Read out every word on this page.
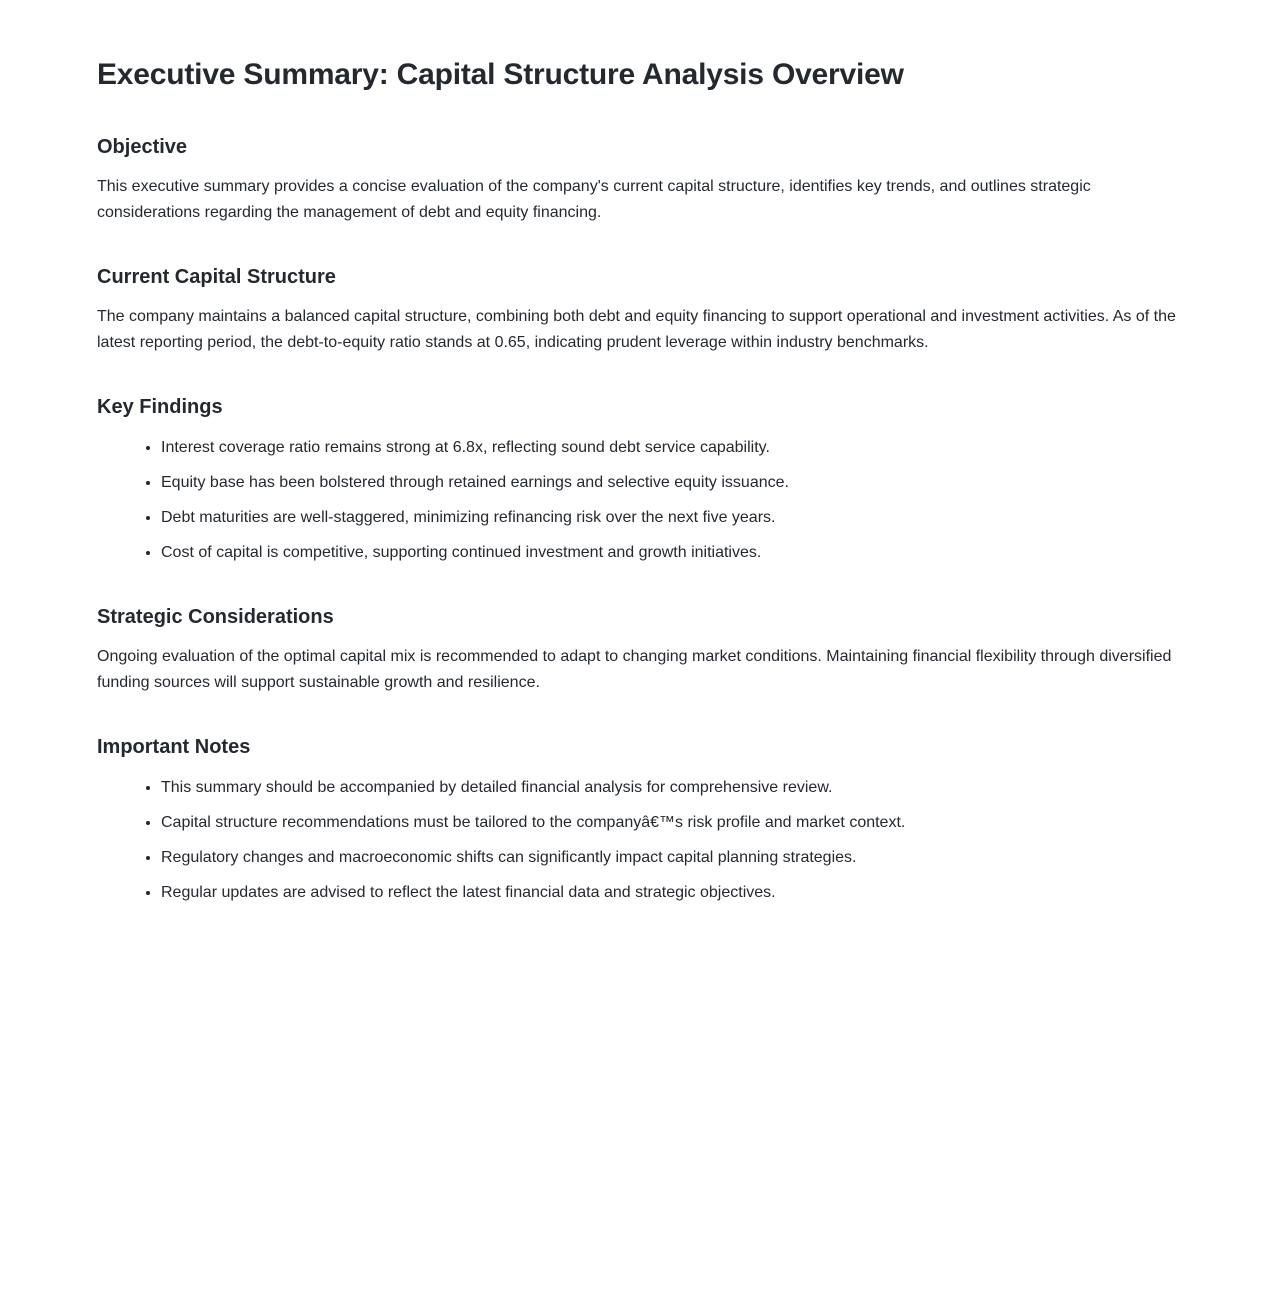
Executive Summary: Capital Structure Analysis Overview
Objective

This executive summary provides a concise evaluation of the company's current capital structure, identifies key trends, and outlines strategic considerations regarding the management of debt and equity financing.

Current Capital Structure

The company maintains a balanced capital structure, combining both debt and equity financing to support operational and investment activities. As of the latest reporting period, the debt-to-equity ratio stands at 0.65, indicating prudent leverage within industry benchmarks.

Key Findings
• Interest coverage ratio remains strong at 6.8x, reflecting sound debt service capability.
• Equity base has been bolstered through retained earnings and selective equity issuance.
• Debt maturities are well-staggered, minimizing refinancing risk over the next five years.
• Cost of capital is competitive, supporting continued investment and growth initiatives.
Strategic Considerations

Ongoing evaluation of the optimal capital mix is recommended to adapt to changing market conditions. Maintaining financial flexibility through diversified funding sources will support sustainable growth and resilience.

Important Notes
• This summary should be accompanied by detailed financial analysis for comprehensive review.
• Capital structure recommendations must be tailored to the companyâ€™s risk profile and market context.
• Regulatory changes and macroeconomic shifts can significantly impact capital planning strategies.
• Regular updates are advised to reflect the latest financial data and strategic objectives.
